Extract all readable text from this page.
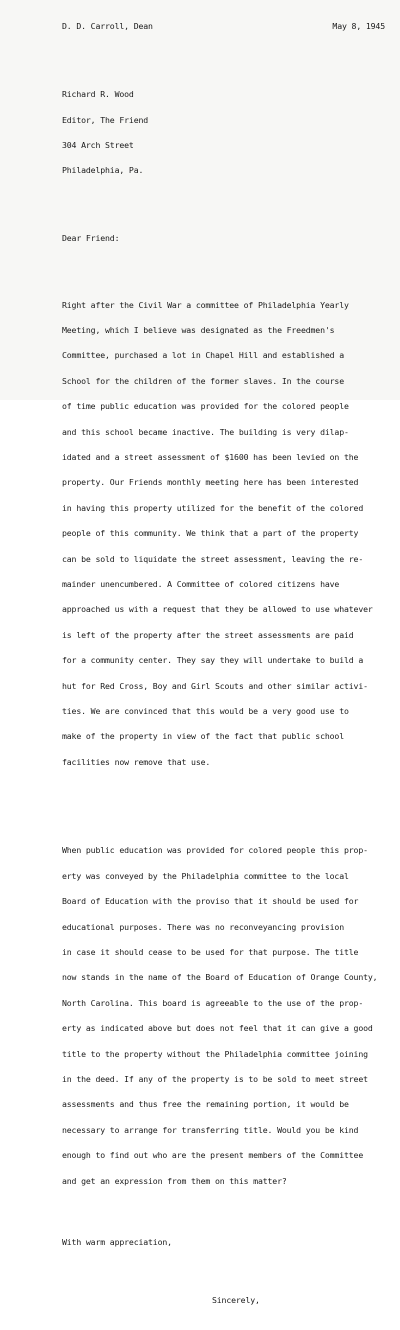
D. D. Carroll, Dean

	May 8, 1945

Richard R. Wood

Editor, The Friend

304 Arch Street

Philadelphia, Pa.

Dear Friend:

Right after the Civil War a committee of Philadelphia Yearly

Meeting, which I believe was designated as the Freedmen's

Committee, purchased a lot in Chapel Hill and established a

School for the children of the former slaves. In the course

of time public education was provided for the colored people

and this school became inactive. The building is very dilap-

idated and a street assessment of $1600 has been levied on the

property. Our Friends monthly meeting here has been interested

in having this property utilized for the benefit of the colored

people of this community. We think that a part of the property

can be sold to liquidate the street assessment, leaving the re-

mainder unencumbered. A Committee of colored citizens have

approached us with a request that they be allowed to use whatever

is left of the property after the street assessments are paid

for a community center. They say they will undertake to build a

hut for Red Cross, Boy and Girl Scouts and other similar activi-

ties. We are convinced that this would be a very good use to

make of the property in view of the fact that public school

facilities now remove that use.

When public education was provided for colored people this prop-

erty was conveyed by the Philadelphia committee to the local

Board of Education with the proviso that it should be used for

educational purposes. There was no reconveyancing provision

in case it should cease to be used for that purpose. The title

now stands in the name of the Board of Education of Orange County,

North Carolina. This board is agreeable to the use of the prop-

erty as indicated above but does not feel that it can give a good

title to the property without the Philadelphia committee joining

in the deed. If any of the property is to be sold to meet street

assessments and thus free the remaining portion, it would be

necessary to arrange for transferring title. Would you be kind

enough to find out who are the present members of the Committee

and get an expression from them on this matter?

With warm appreciation,

Sincerely,
